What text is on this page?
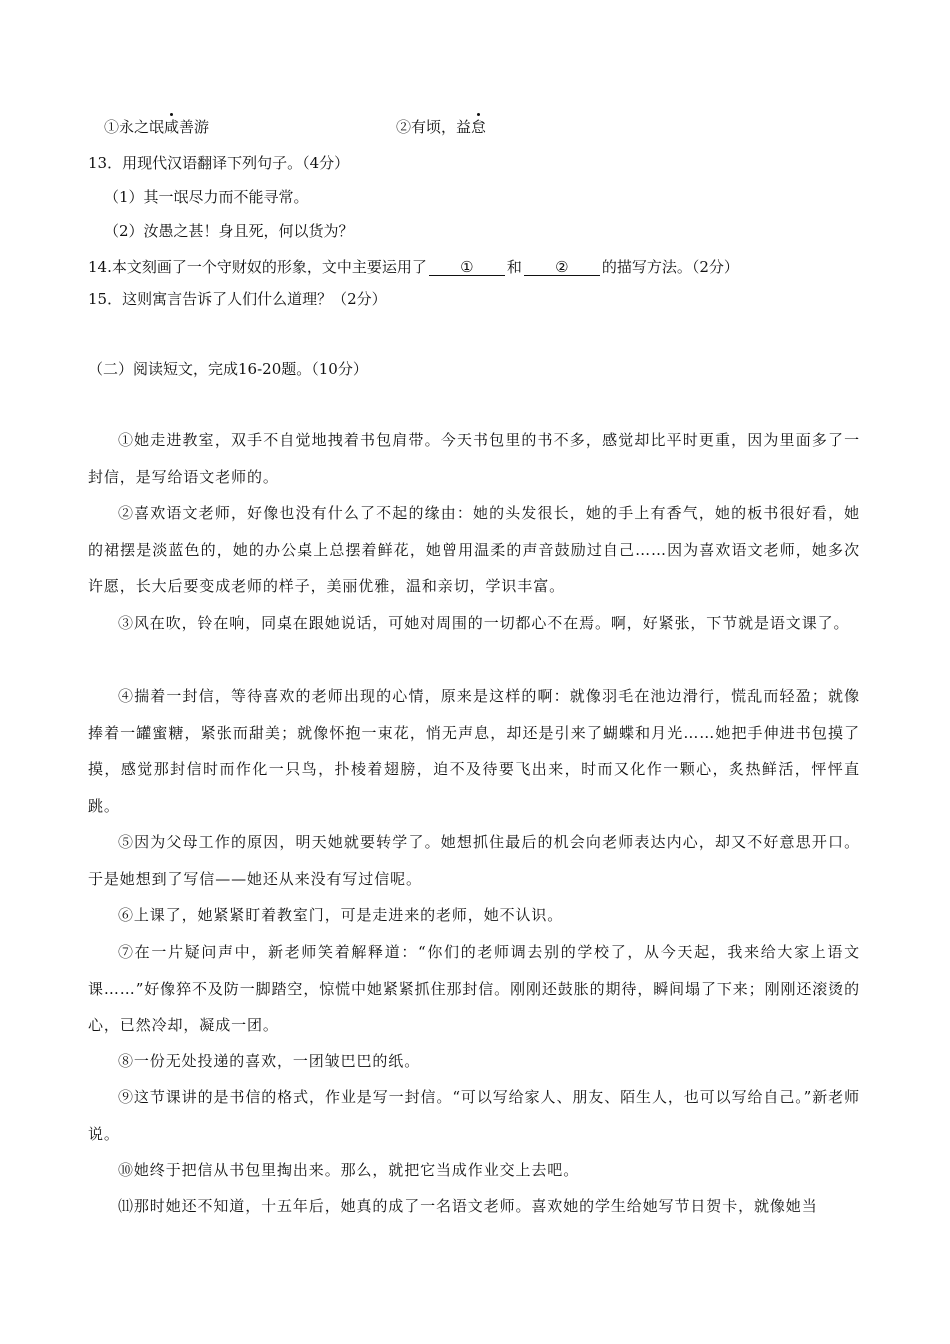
①永之氓咸善游	②有顷，益怠
13．用现代汉语翻译下列句子。（4分）
（1）其一氓尽力而不能寻常。
（2）汝愚之甚！身且死，何以货为？
14.本文刻画了一个守财奴的形象，文中主要运用了 ① 和 ② 的描写方法。（2分）
15．这则寓言告诉了人们什么道理？（2分）
（二）阅读短文，完成16-20题。（10分）
①她走进教室，双手不自觉地拽着书包肩带。今天书包里的书不多，感觉却比平时更重，因为里面多了一封信，是写给语文老师的。
②喜欢语文老师，好像也没有什么了不起的缘由：她的头发很长，她的手上有香气，她的板书很好看，她的裙摆是淡蓝色的，她的办公桌上总摆着鲜花，她曾用温柔的声音鼓励过自己……因为喜欢语文老师，她多次许愿，长大后要变成老师的样子，美丽优雅，温和亲切，学识丰富。
③风在吹，铃在响，同桌在跟她说话，可她对周围的一切都心不在焉。啊，好紧张，下节就是语文课了。
④揣着一封信，等待喜欢的老师出现的心情，原来是这样的啊：就像羽毛在池边滑行，慌乱而轻盈；就像捧着一罐蜜糖，紧张而甜美；就像怀抱一束花，悄无声息，却还是引来了蝴蝶和月光……她把手伸进书包摸了摸，感觉那封信时而作化一只鸟，扑棱着翅膀，迫不及待要飞出来，时而又化作一颗心，炙热鲜活，怦怦直跳。
⑤因为父母工作的原因，明天她就要转学了。她想抓住最后的机会向老师表达内心，却又不好意思开口。于是她想到了写信——她还从来没有写过信呢。
⑥上课了，她紧紧盯着教室门，可是走进来的老师，她不认识。
⑦在一片疑问声中，新老师笑着解释道：“你们的老师调去别的学校了，从今天起，我来给大家上语文课……”好像猝不及防一脚踏空，惊慌中她紧紧抓住那封信。刚刚还鼓胀的期待，瞬间塌了下来；刚刚还滚烫的心，已然冷却，凝成一团。
⑧一份无处投递的喜欢，一团皱巴巴的纸。
⑨这节课讲的是书信的格式，作业是写一封信。“可以写给家人、朋友、陌生人，也可以写给自己。”新老师说。
⑩她终于把信从书包里掏出来。那么，就把它当成作业交上去吧。
⑾那时她还不知道，十五年后，她真的成了一名语文老师。喜欢她的学生给她写节日贺卡，就像她当
